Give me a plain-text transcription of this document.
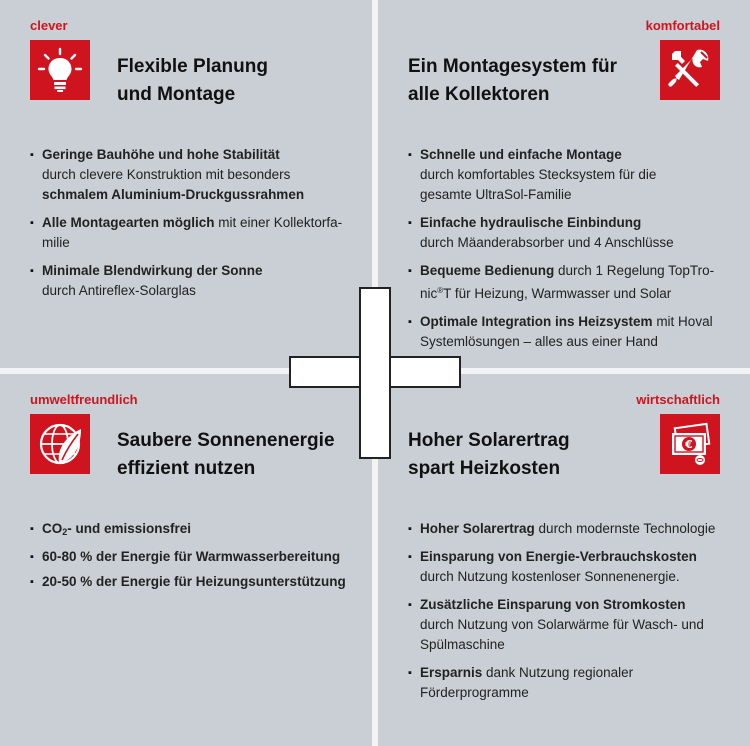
clever
Flexible Planung
und Montage
▪ Geringe Bauhöhe und hohe Stabilität
durch clevere Konstruktion mit besonders
schmalem Aluminium-Druckgussrahmen
▪ Alle Montagearten möglich mit einer Kollektorfa-
milie
▪ Minimale Blendwirkung der Sonne
durch Antireflex-Solarglas
komfortabel
Ein Montagesystem für
alle Kollektoren
▪ Schnelle und einfache Montage
durch komfortables Stecksystem für die
gesamte UltraSol-Familie
▪ Einfache hydraulische Einbindung
durch Mäanderabsorber und 4 Anschlüsse
▪ Bequeme Bedienung durch 1 Regelung TopTro-
nic®T für Heizung, Warmwasser und Solar
▪ Optimale Integration ins Heizsystem mit Hoval
Systemlösungen – alles aus einer Hand
umweltfreundlich
Saubere Sonnenenergie
effizient nutzen
▪ $CO_2-$ und emissionsfrei
▪ 60-80 % der Energie für Warmwasserbereitung
▪ 20-50 % der Energie für Heizungsunterstützung
wirtschaftlich
€
Hoher Solarertrag
spart Heizkosten
▪ Hoher Solarertrag durch modernste Technologie
▪ Einsparung von Energie-Verbrauchskosten
durch Nutzung kostenloser Sonnenenergie.
▪ Zusätzliche Einsparung von Stromkosten
durch Nutzung von Solarwärme für Wasch- und
Spülmaschine
▪ Ersparnis dank Nutzung regionaler
Förderprogramme
